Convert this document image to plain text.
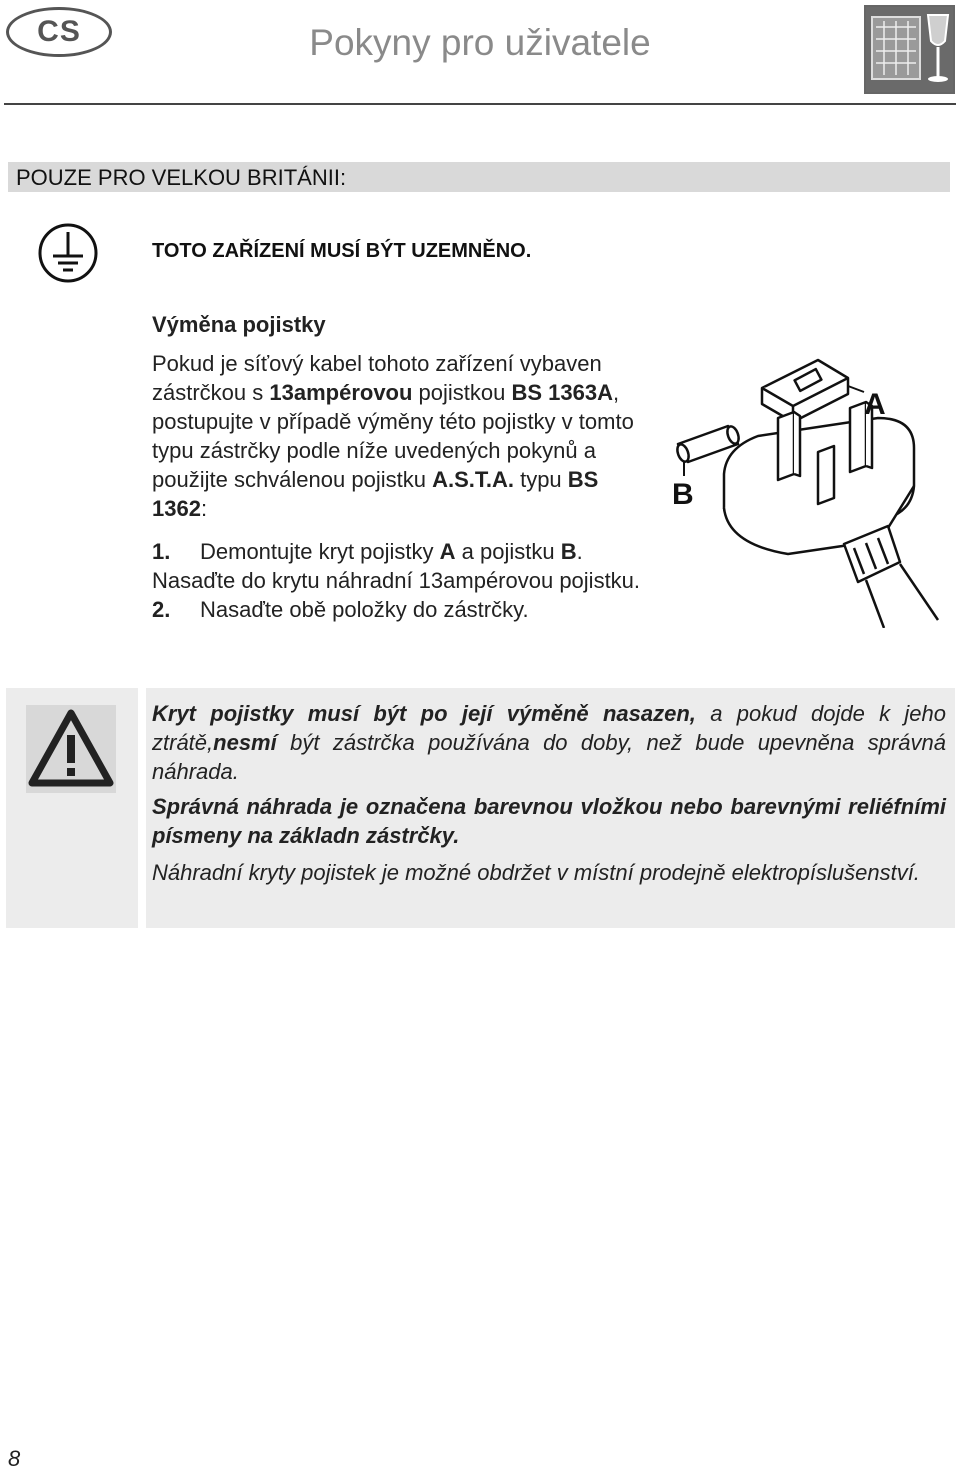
CS	Pokyny pro uživatele
POUZE PRO VELKOU BRITÁNII:
TOTO ZAŘÍZENÍ MUSÍ BÝT UZEMNĚNO.
Výměna pojistky
Pokud je síťový kabel tohoto zařízení vybaven zástrčkou s 13ampérovou pojistkou BS 1363A, postupujte v případě výměny této pojistky v tomto typu zástrčky podle níže uvedených pokynů a použijte schválenou pojistku A.S.T.A. typu BS 1362:
1. Demontujte kryt pojistky A a pojistku B.
Nasaďte do krytu náhradní 13ampérovou pojistku.
2. Nasaďte obě položky do zástrčky.
A
B
Kryt pojistky musí být po její výměně nasazen, a pokud dojde k jeho ztrátě,nesmí být zástrčka používána do doby, než bude upevněna správná náhrada.
Správná náhrada je označena barevnou vložkou nebo barevnými reliéfními písmeny na základn zástrčky.
Náhradní kryty pojistek je možné obdržet v místní prodejně elektropíslušenství.
8
